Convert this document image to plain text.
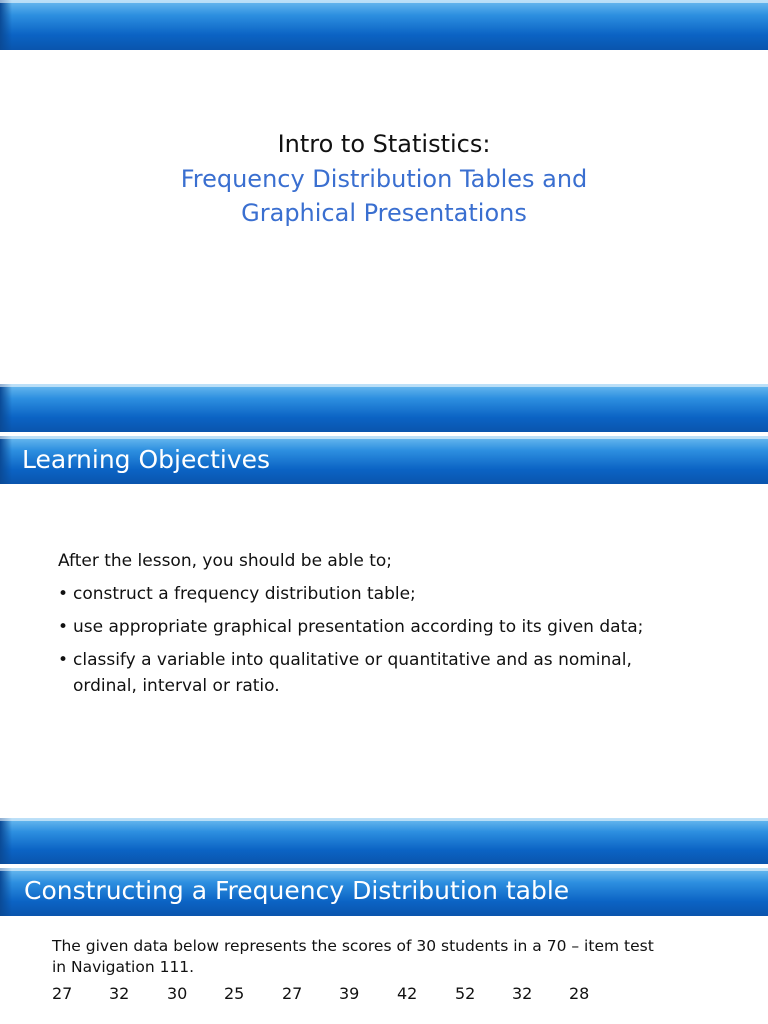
Intro to Statistics:
Frequency Distribution Tables and
Graphical Presentations
Learning Objectives
After the lesson, you should be able to;
• construct a frequency distribution table;
• use appropriate graphical presentation according to its given data;
• classify a variable into qualitative or quantitative and as nominal,
ordinal, interval or ratio.
Constructing a Frequency Distribution table
The given data below represents the scores of 30 students in a 70 – item test
in Navigation 111.
27 32 30 25 27 39 42 52 32 28
